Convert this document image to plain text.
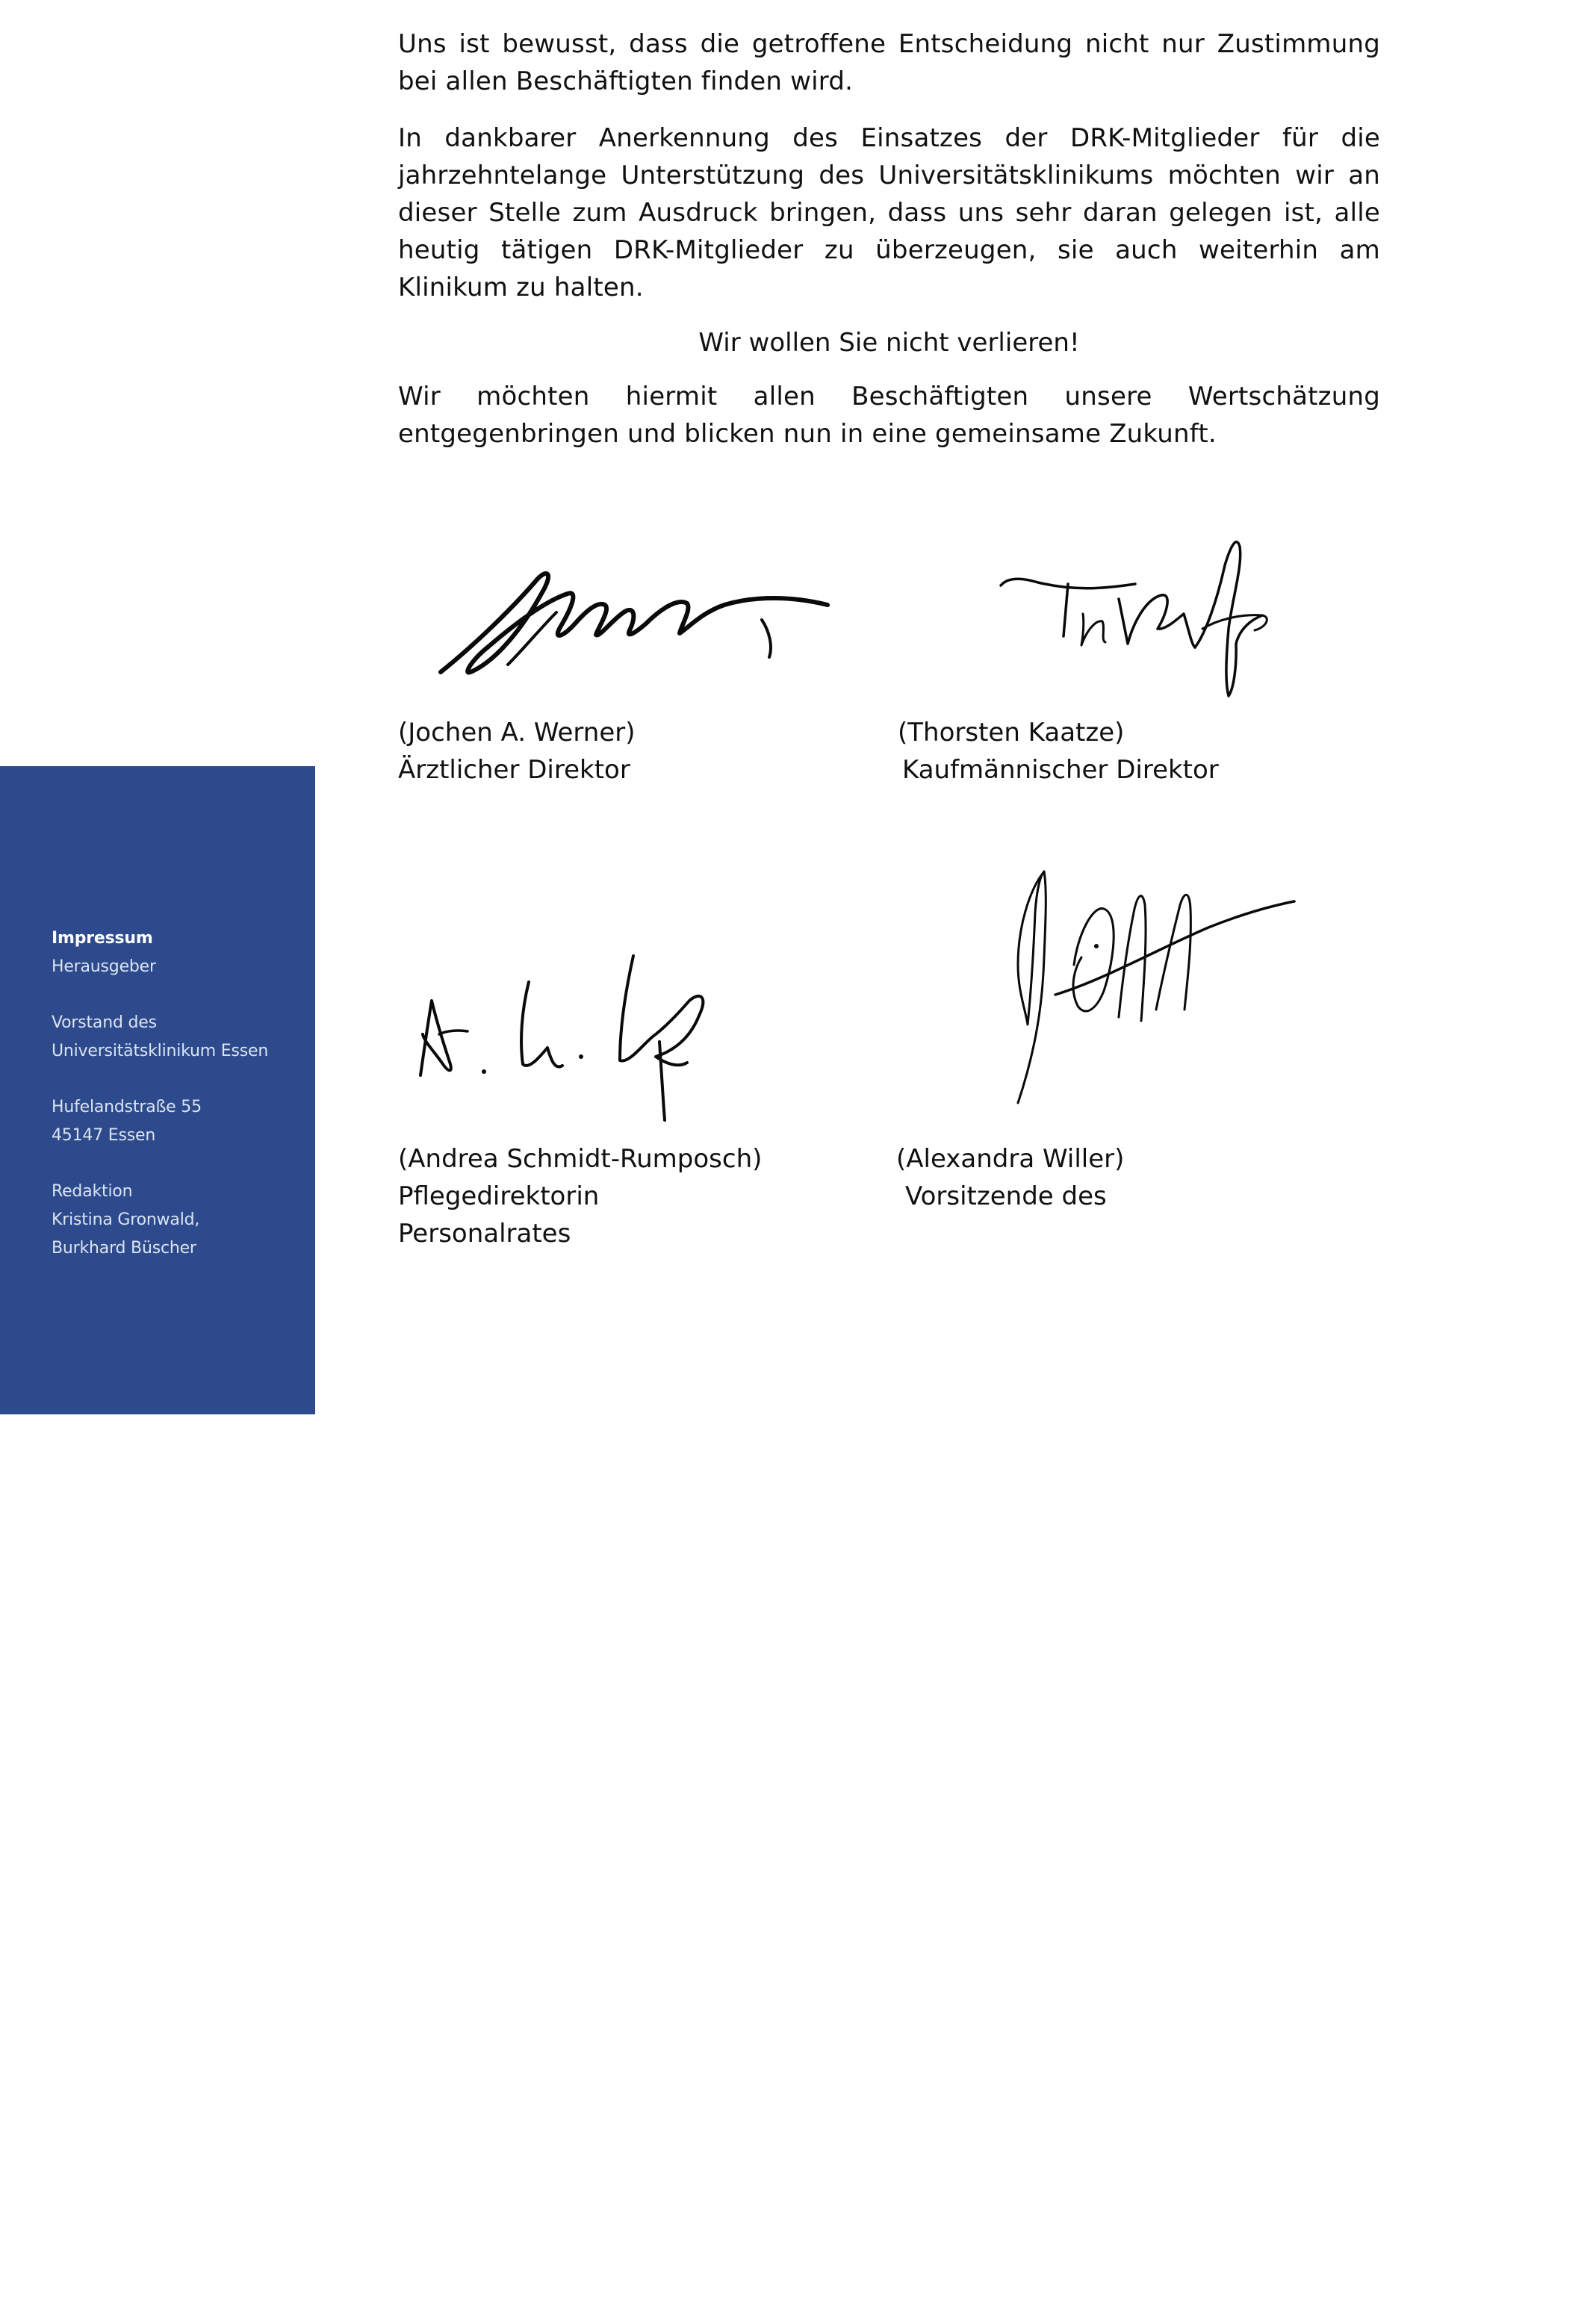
Uns ist bewusst, dass die getroffene Entscheidung nicht nur Zustimmung bei allen Beschäftigten finden wird.

In dankbarer Anerkennung des Einsatzes der DRK-Mitglieder für die jahrzehntelange Unterstützung des Universitätsklinikums möchten wir an dieser Stelle zum Ausdruck bringen, dass uns sehr daran gelegen ist, alle heutig tätigen DRK-Mitglieder zu überzeugen, sie auch weiterhin am Klinikum zu halten.

Wir wollen Sie nicht verlieren!

Wir möchten hiermit allen Beschäftigten unsere Wertschätzung entgegenbringen und blicken nun in eine gemeinsame Zukunft.

(Jochen A. Werner)
Ärztlicher Direktor
(Thorsten Kaatze)
Kaufmännischer Direktor
(Andrea Schmidt-Rumposch)
Pflegedirektorin
Personalrates
(Alexandra Willer)
Vorsitzende des
Impressum
Herausgeber
Vorstand des
Universitätsklinikum Essen
Hufelandstraße 55
45147 Essen
Redaktion
Kristina Gronwald,
Burkhard Büscher
